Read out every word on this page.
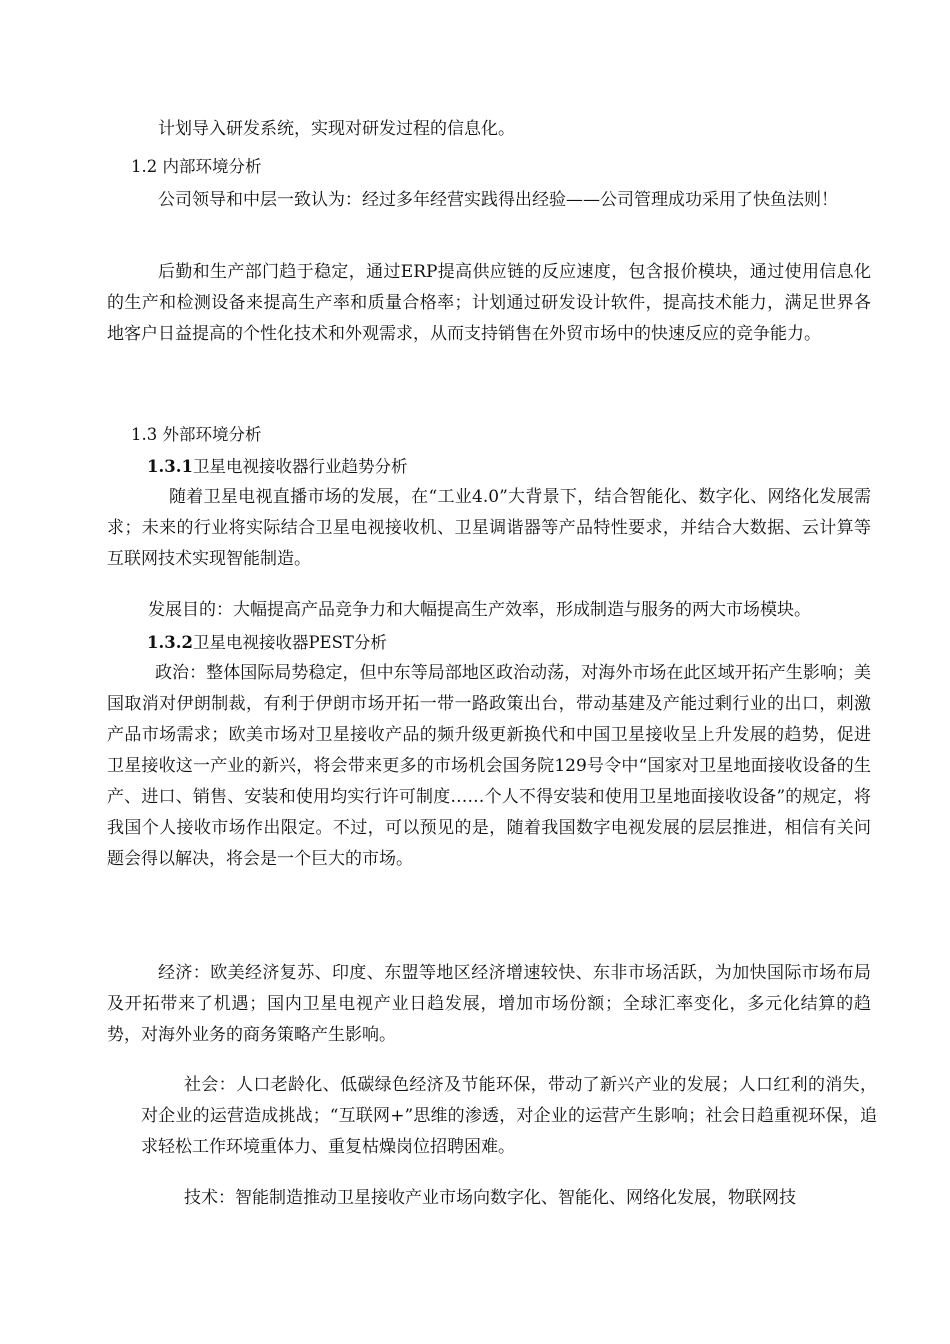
计划导入研发系统，实现对研发过程的信息化。
1.2 内部环境分析
公司领导和中层一致认为：经过多年经营实践得出经验——公司管理成功采用了快鱼法则！
后勤和生产部门趋于稳定，通过ERP提高供应链的反应速度，包含报价模块，通过使用信息化的生产和检测设备来提高生产率和质量合格率；计划通过研发设计软件，提高技术能力，满足世界各地客户日益提高的个性化技术和外观需求，从而支持销售在外贸市场中的快速反应的竞争能力。
1.3 外部环境分析
1.3.1卫星电视接收器行业趋势分析
随着卫星电视直播市场的发展，在“工业4.0”大背景下，结合智能化、数字化、网络化发展需求；未来的行业将实际结合卫星电视接收机、卫星调谐器等产品特性要求，并结合大数据、云计算等互联网技术实现智能制造。
发展目的：大幅提高产品竞争力和大幅提高生产效率，形成制造与服务的两大市场模块。
1.3.2卫星电视接收器PEST分析
政治：整体国际局势稳定，但中东等局部地区政治动荡，对海外市场在此区域开拓产生影响；美国取消对伊朗制裁，有利于伊朗市场开拓一带一路政策出台，带动基建及产能过剩行业的出口，刺激产品市场需求；欧美市场对卫星接收产品的频升级更新换代和中国卫星接收呈上升发展的趋势，促进卫星接收这一产业的新兴，将会带来更多的市场机会国务院129号令中“国家对卫星地面接收设备的生产、进口、销售、安装和使用均实行许可制度……个人不得安装和使用卫星地面接收设备”的规定，将我国个人接收市场作出限定。不过，可以预见的是，随着我国数字电视发展的层层推进，相信有关问题会得以解决，将会是一个巨大的市场。
经济：欧美经济复苏、印度、东盟等地区经济增速较快、东非市场活跃，为加快国际市场布局及开拓带来了机遇；国内卫星电视产业日趋发展，增加市场份额；全球汇率变化，多元化结算的趋势，对海外业务的商务策略产生影响。
社会：人口老龄化、低碳绿色经济及节能环保，带动了新兴产业的发展；人口红利的消失，对企业的运营造成挑战；“互联网+”思维的渗透，对企业的运营产生影响；社会日趋重视环保，追求轻松工作环境重体力、重复枯燥岗位招聘困难。
技术：智能制造推动卫星接收产业市场向数字化、智能化、网络化发展，物联网技
